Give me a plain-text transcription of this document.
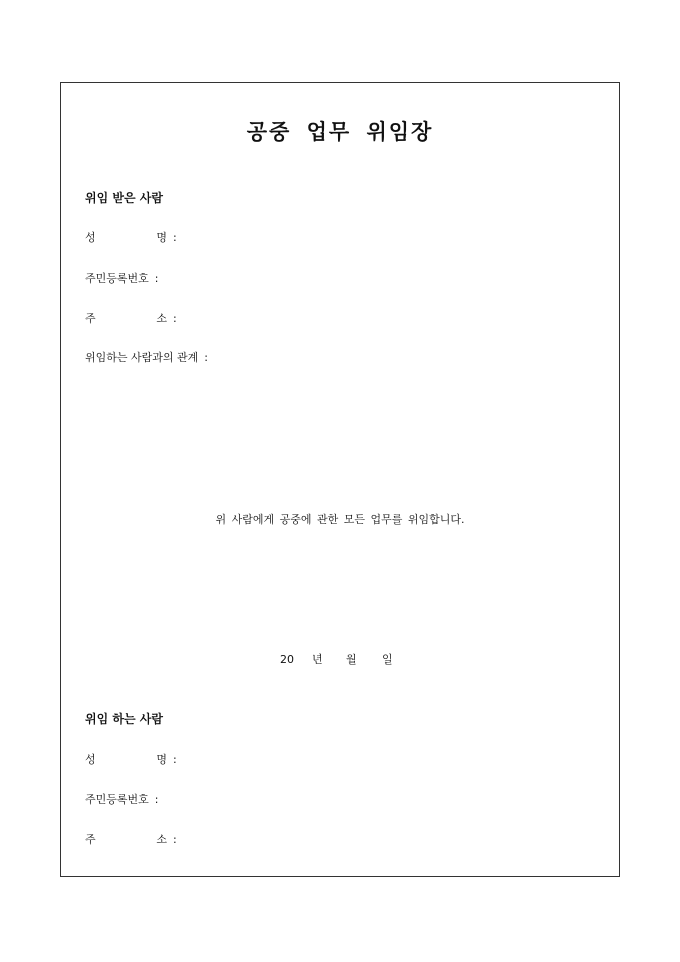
공중 업무 위임장
위임 받은 사람
성	명 :
주민등록번호 :
주	소 :
위임하는 사람과의 관계 :
위 사람에게 공중에 관한 모든 업무를 위임합니다.
20 년 월 일
위임 하는 사람
성	명 :
주민등록번호 :
주	소 :
